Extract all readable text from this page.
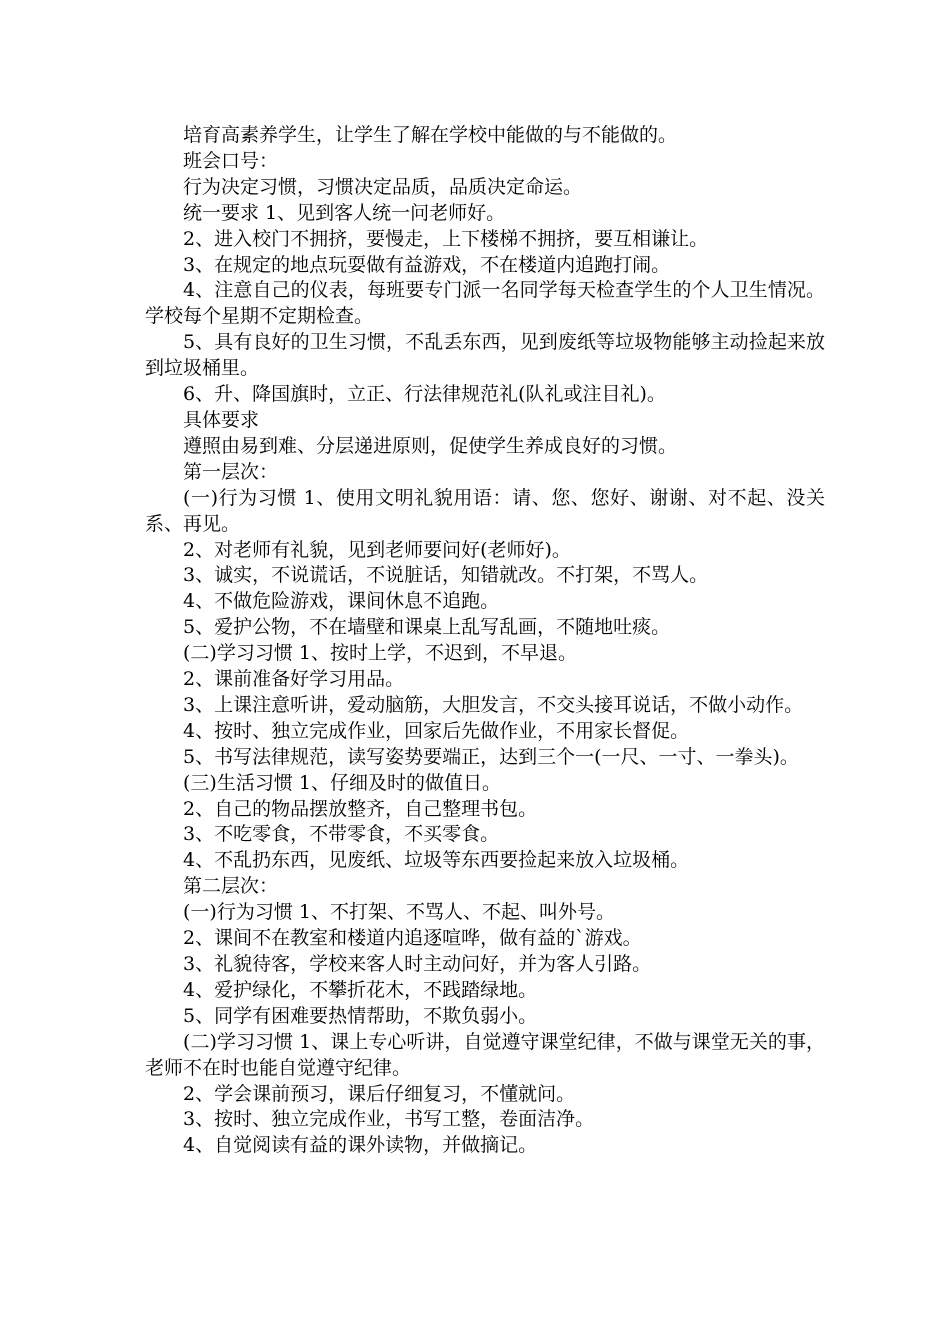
培育高素养学生，让学生了解在学校中能做的与不能做的。

班会口号：

行为决定习惯，习惯决定品质，品质决定命运。

统一要求 1、见到客人统一问老师好。

2、进入校门不拥挤，要慢走，上下楼梯不拥挤，要互相谦让。

3、在规定的地点玩耍做有益游戏，不在楼道内追跑打闹。

4、注意自己的仪表，每班要专门派一名同学每天检查学生的个人卫生情况。学校每个星期不定期检查。

5、具有良好的卫生习惯，不乱丢东西，见到废纸等垃圾物能够主动捡起来放到垃圾桶里。

6、升、降国旗时，立正、行法律规范礼(队礼或注目礼)。

具体要求

遵照由易到难、分层递进原则，促使学生养成良好的习惯。

第一层次：

(一)行为习惯 1、使用文明礼貌用语：请、您、您好、谢谢、对不起、没关系、再见。

2、对老师有礼貌，见到老师要问好(老师好)。

3、诚实，不说谎话，不说脏话，知错就改。不打架，不骂人。

4、不做危险游戏，课间休息不追跑。

5、爱护公物，不在墙壁和课桌上乱写乱画，不随地吐痰。

(二)学习习惯 1、按时上学，不迟到，不早退。

2、课前准备好学习用品。

3、上课注意听讲，爱动脑筋，大胆发言，不交头接耳说话，不做小动作。

4、按时、独立完成作业，回家后先做作业，不用家长督促。

5、书写法律规范，读写姿势要端正，达到三个一(一尺、一寸、一拳头)。

(三)生活习惯 1、仔细及时的做值日。

2、自己的物品摆放整齐，自己整理书包。

3、不吃零食，不带零食，不买零食。

4、不乱扔东西，见废纸、垃圾等东西要捡起来放入垃圾桶。

第二层次：

(一)行为习惯 1、不打架、不骂人、不起、叫外号。

2、课间不在教室和楼道内追逐喧哗，做有益的`游戏。

3、礼貌待客，学校来客人时主动问好，并为客人引路。

4、爱护绿化，不攀折花木，不践踏绿地。

5、同学有困难要热情帮助，不欺负弱小。

(二)学习习惯 1、课上专心听讲，自觉遵守课堂纪律，不做与课堂无关的事，老师不在时也能自觉遵守纪律。

2、学会课前预习，课后仔细复习，不懂就问。

3、按时、独立完成作业，书写工整，卷面洁净。

4、自觉阅读有益的课外读物，并做摘记。
